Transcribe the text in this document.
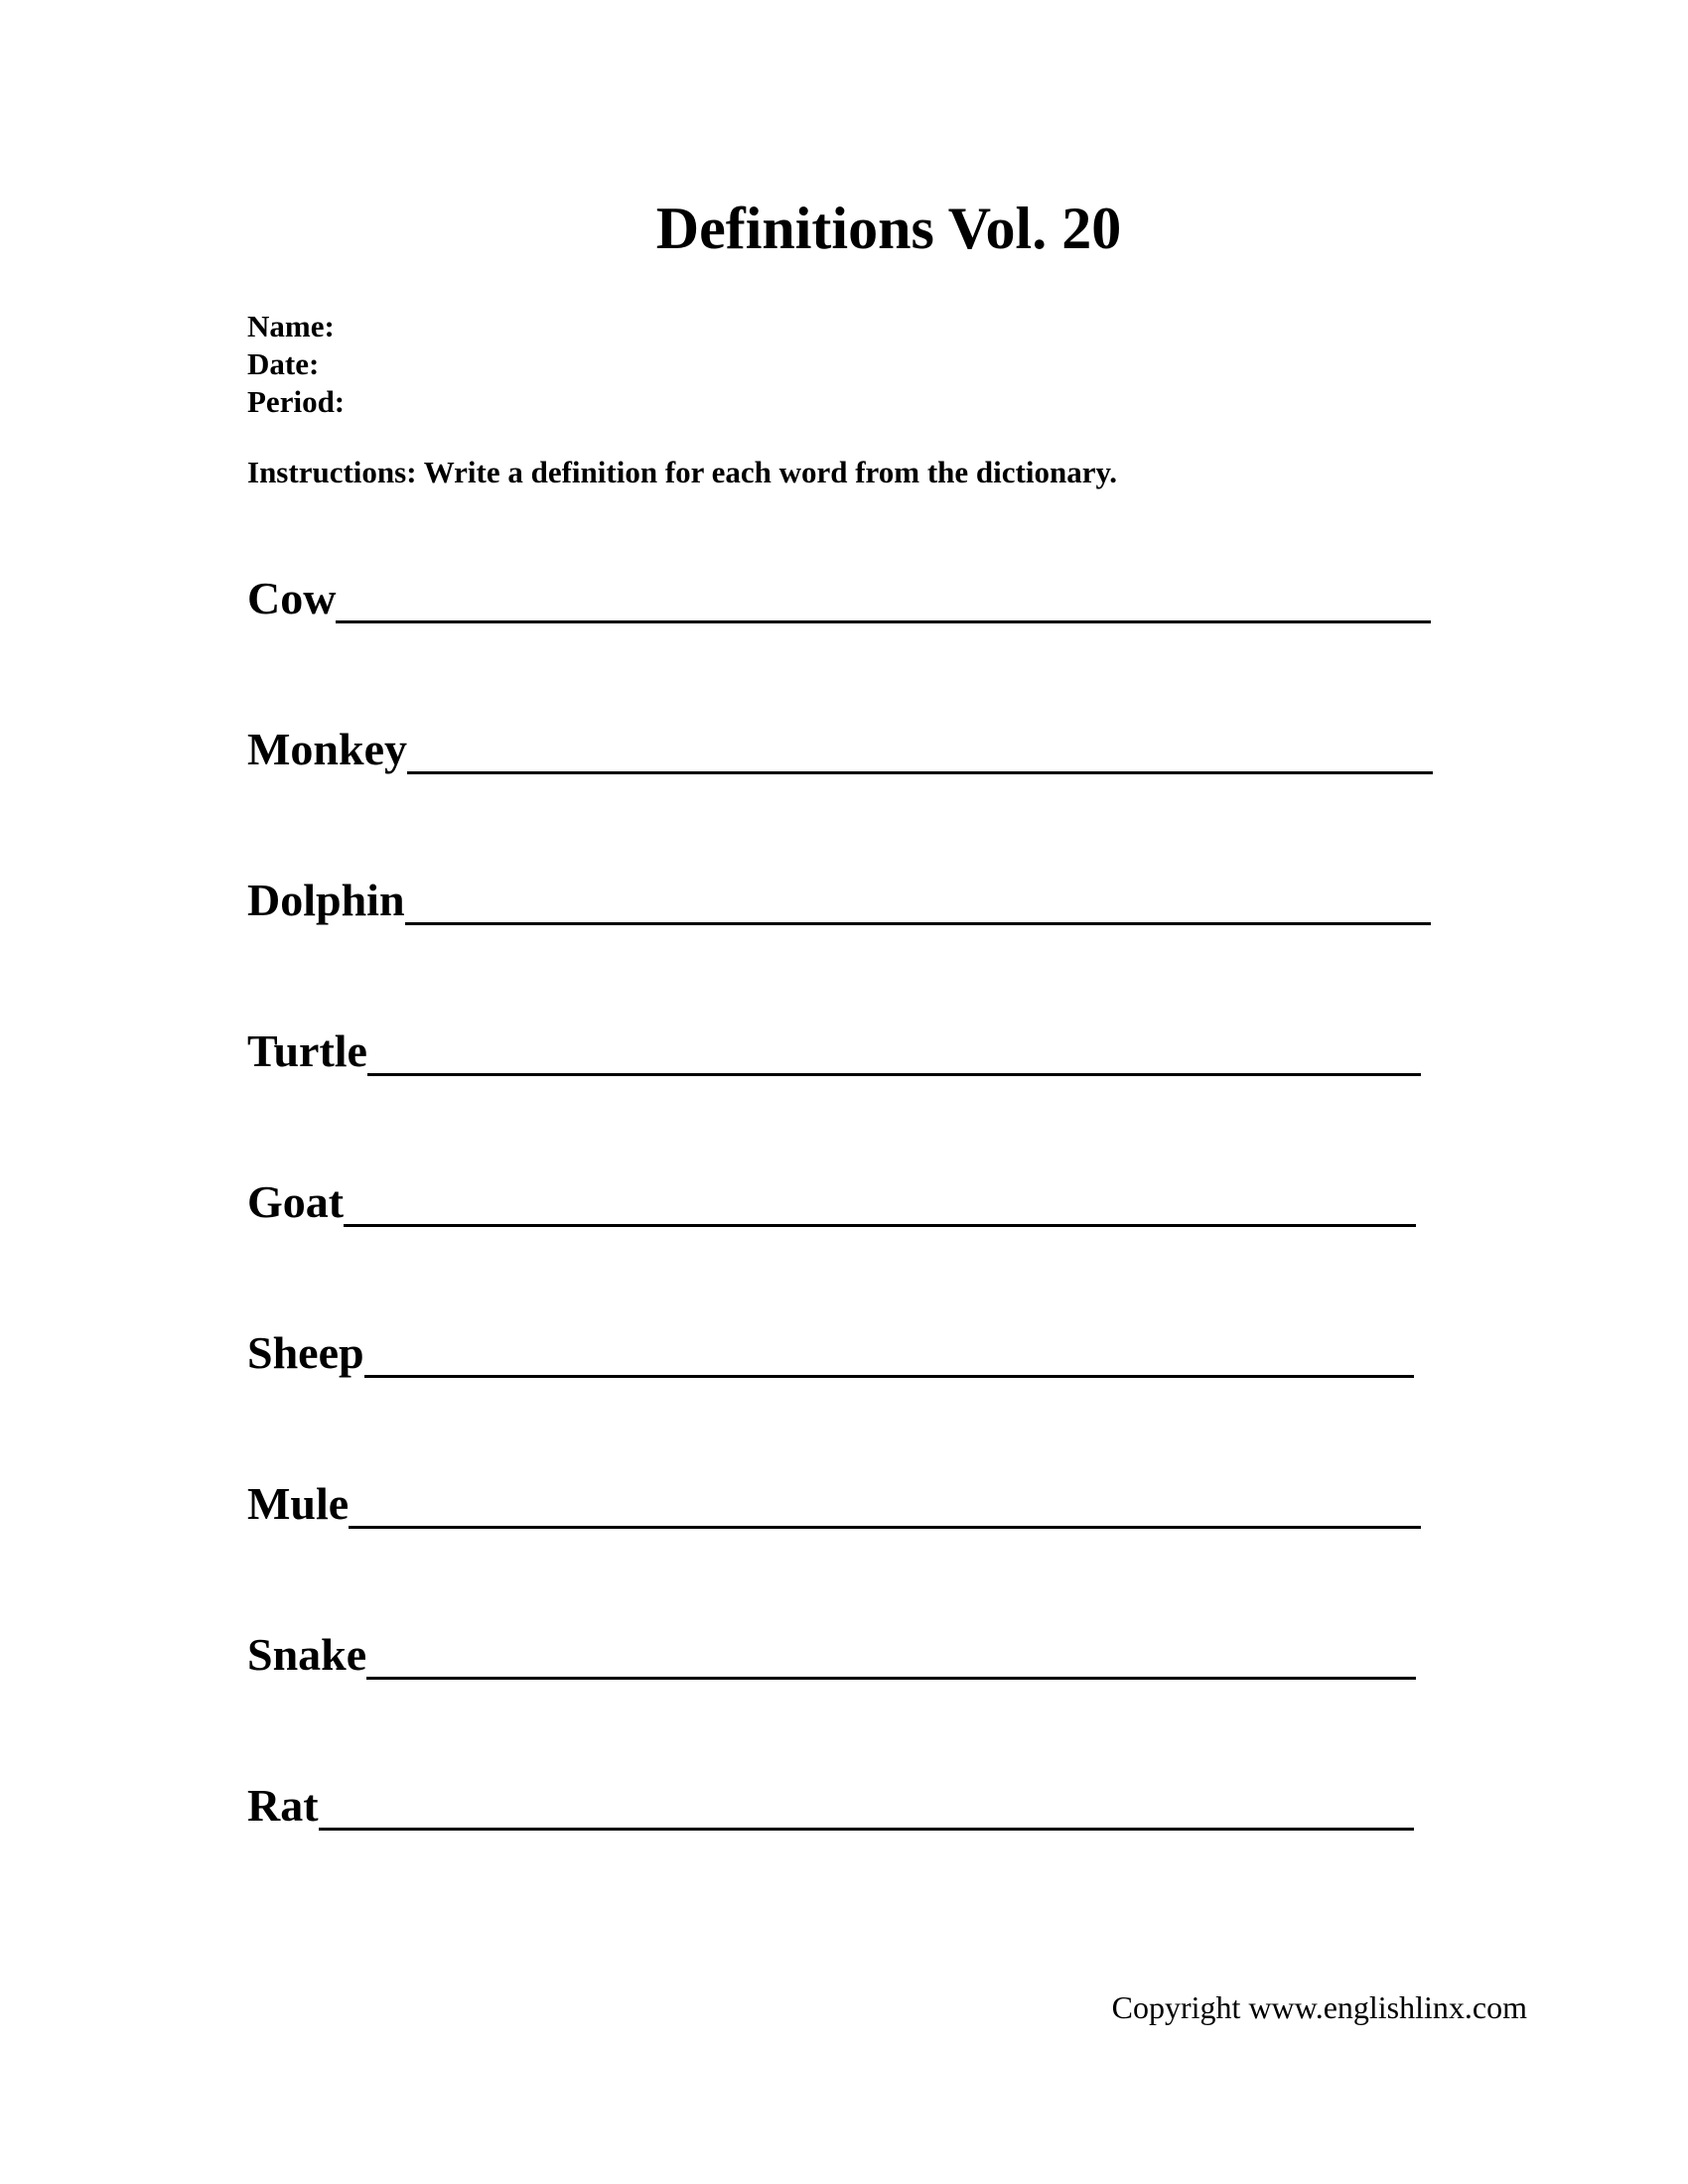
Definitions Vol. 20
Name:
Date:
Period:
Instructions: Write a definition for each word from the dictionary.
Cow
Monkey
Dolphin
Turtle
Goat
Sheep
Mule
Snake
Rat
Copyright www.englishlinx.com
